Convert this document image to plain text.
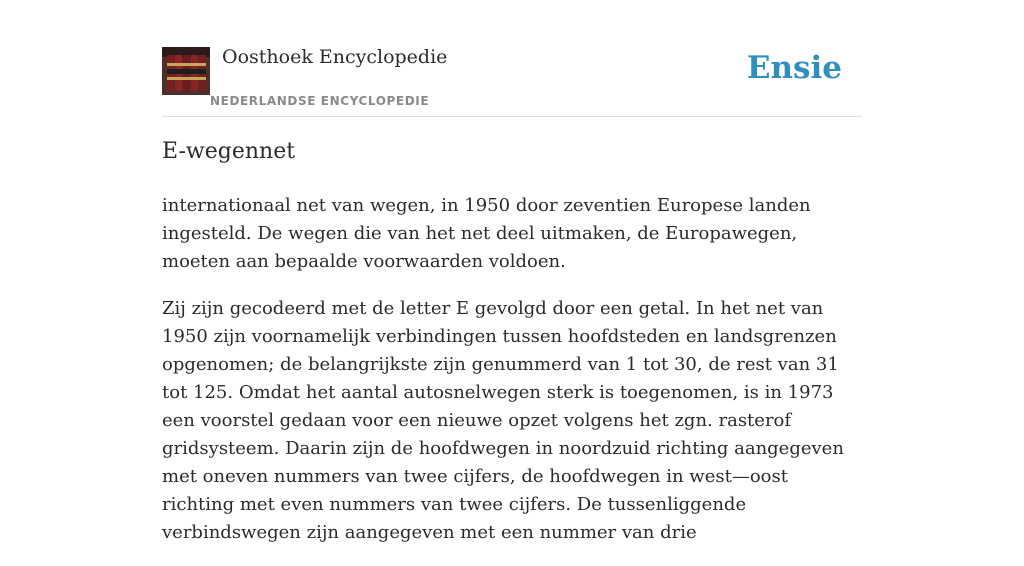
Oosthoek Encyclopedie
NEDERLANDSE ENCYCLOPEDIE
Ensie
E-wegennet

internationaal net van wegen, in 1950 door zeventien Europese landen ingesteld. De wegen die van het net deel uitmaken, de Europawegen, moeten aan bepaalde voorwaarden voldoen.

Zij zijn gecodeerd met de letter E gevolgd door een getal. In het net van 1950 zijn voornamelijk verbindingen tussen hoofdsteden en landsgrenzen opgenomen; de belangrijkste zijn genummerd van 1 tot 30, de rest van 31 tot 125. Omdat het aantal autosnelwegen sterk is toegenomen, is in 1973 een voorstel gedaan voor een nieuwe opzet volgens het zgn. rasterof gridsysteem. Daarin zijn de hoofdwegen in noordzuid richting aangegeven met oneven nummers van twee cijfers, de hoofdwegen in west—oost richting met even nummers van twee cijfers. De tussenliggende verbindswegen zijn aangegeven met een nummer van drie
